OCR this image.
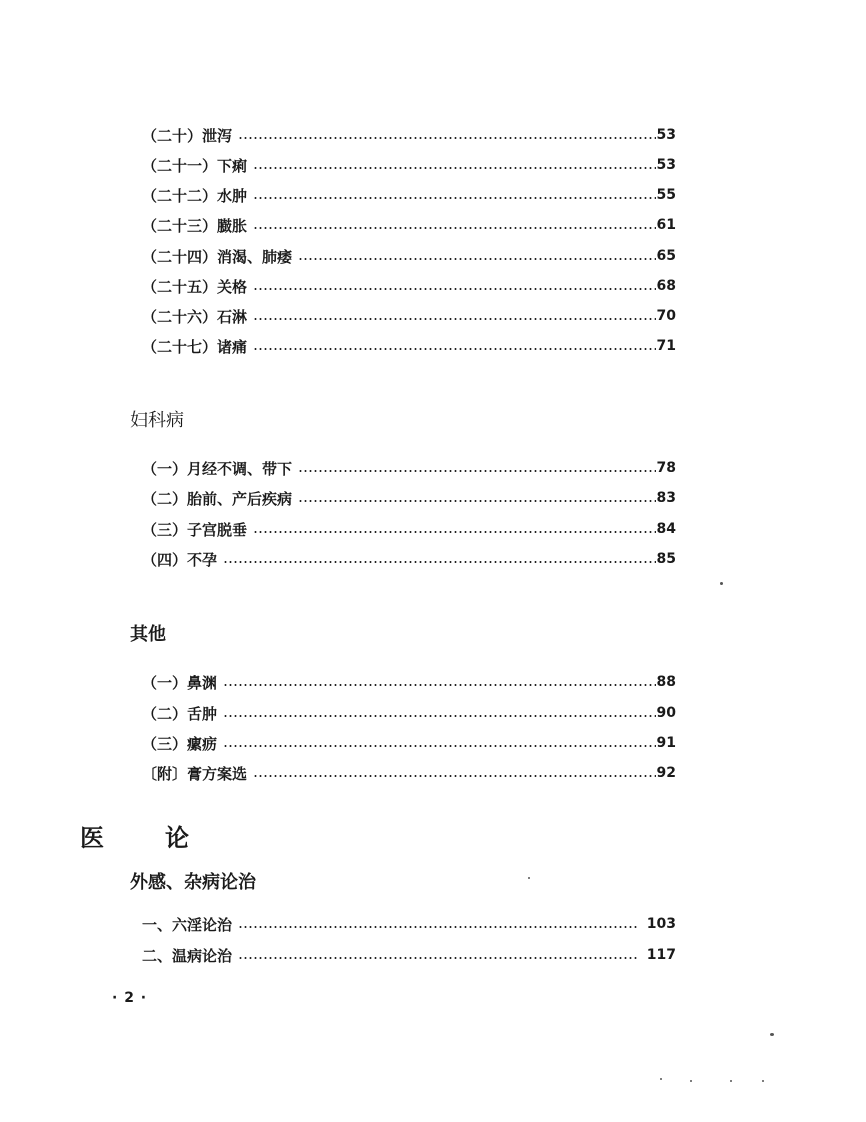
（二十）泄泻	53
（二十一）下痢	53
（二十二）水肿	55
（二十三）臌胀	61
（二十四）消渴、肺痿	65
（二十五）关格	68
（二十六）石淋	70
（二十七）诸痛	71
妇科病
（一）月经不调、带下	78
（二）胎前、产后疾病	83
（三）子宫脱垂	84
（四）不孕	85
其他
（一）鼻渊	88
（二）舌肿	90
（三）瘰疬	91
〔附〕膏方案选	92
医	论
外感、杂病论治
一、六淫论治	103
二、温病论治	117
· 2 ·
